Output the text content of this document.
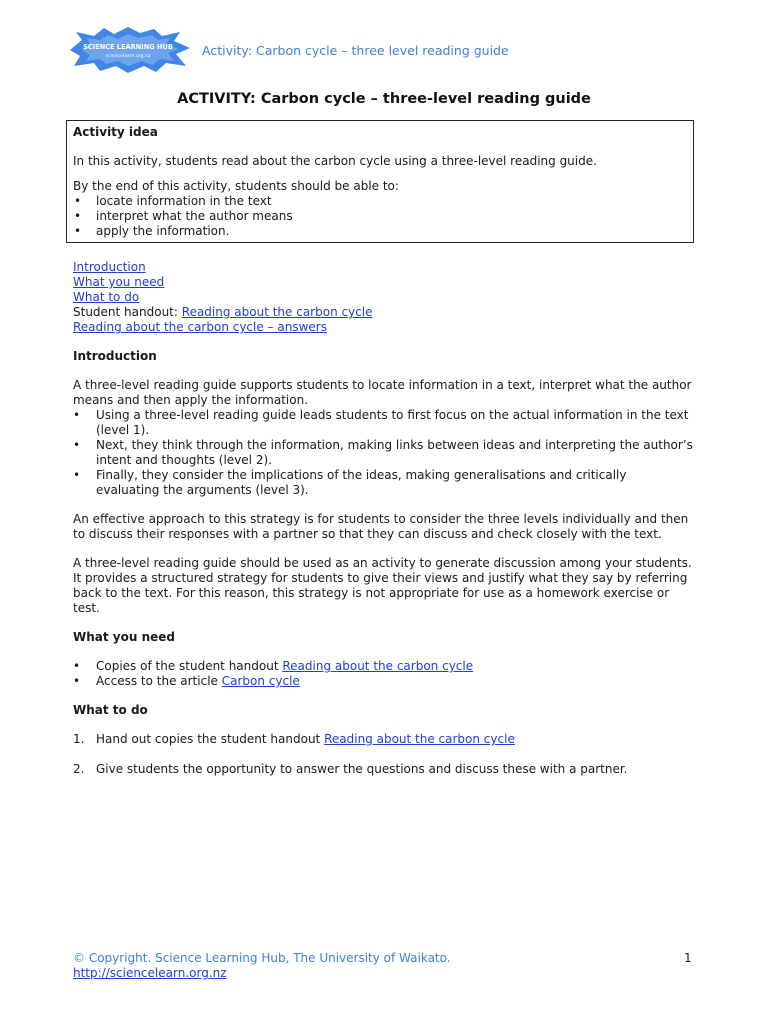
SCIENCE LEARNING HUB
sciencelearn.org.nz	Activity: Carbon cycle – three level reading guide
ACTIVITY: Carbon cycle – three-level reading guide
Activity idea

In this activity, students read about the carbon cycle using a three-level reading guide.

By the end of this activity, students should be able to:

• locate information in the text
• interpret what the author means
• apply the information.
Introduction
What you need
What to do
Student handout: Reading about the carbon cycle
Reading about the carbon cycle – answers
Introduction
A three-level reading guide supports students to locate information in a text, interpret what the author means and then apply the information.
• Using a three-level reading guide leads students to first focus on the actual information in the text (level 1).
• Next, they think through the information, making links between ideas and interpreting the author’s intent and thoughts (level 2).
• Finally, they consider the implications of the ideas, making generalisations and critically evaluating the arguments (level 3).

An effective approach to this strategy is for students to consider the three levels individually and then to discuss their responses with a partner so that they can discuss and check closely with the text.

A three-level reading guide should be used as an activity to generate discussion among your students. It provides a structured strategy for students to give their views and justify what they say by referring back to the text. For this reason, this strategy is not appropriate for use as a homework exercise or test.

What you need
• Copies of the student handout Reading about the carbon cycle
• Access to the article Carbon cycle
What to do
1. Hand out copies the student handout Reading about the carbon cycle
2. Give students the opportunity to answer the questions and discuss these with a partner.
© Copyright. Science Learning Hub, The University of Waikato.
http://sciencelearn.org.nz
1
